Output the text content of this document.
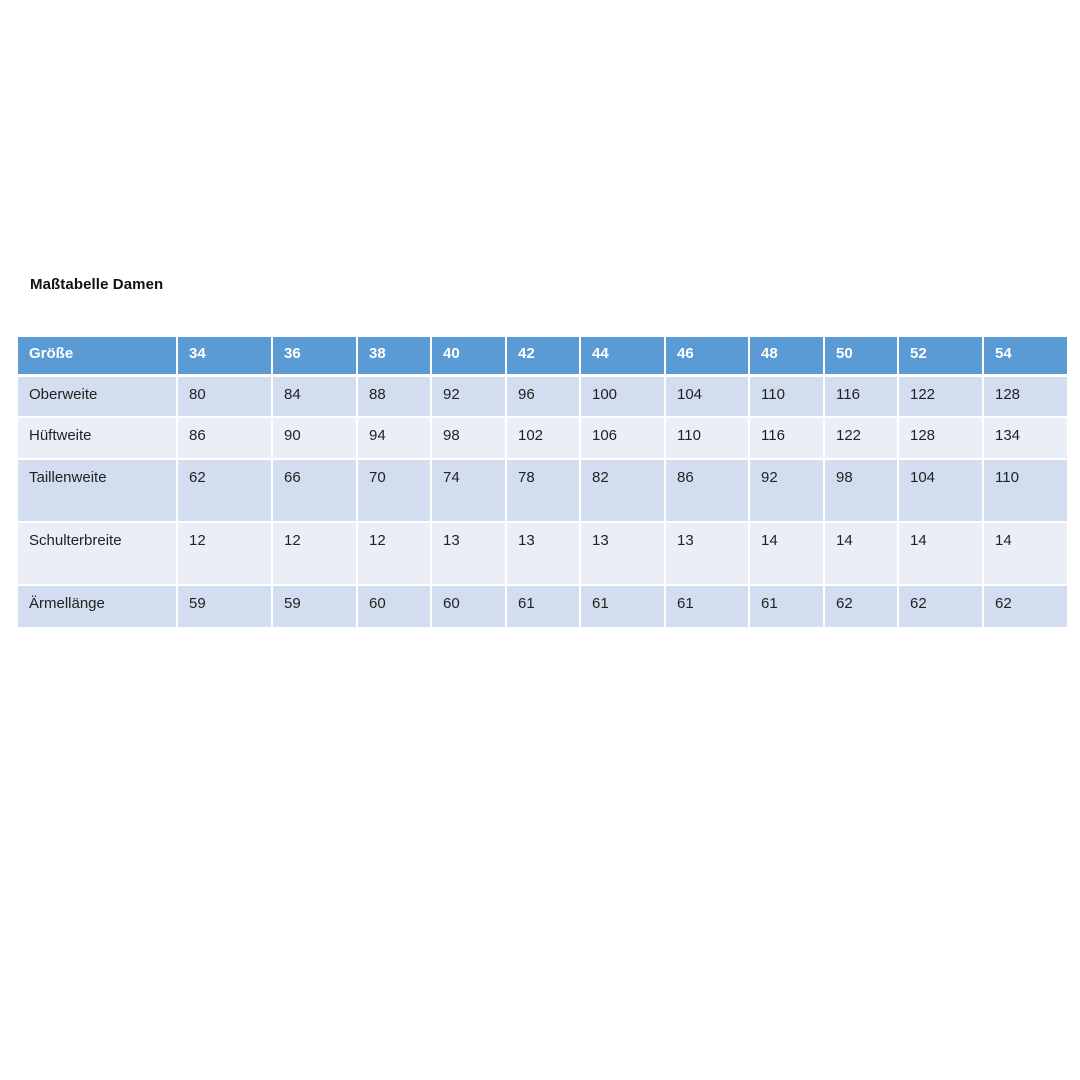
Maßtabelle Damen
Größe	34	36	38	40	42	44	46	48	50	52	54
Oberweite	80	84	88	92	96	100	104	110	116	122	128
Hüftweite	86	90	94	98	102	106	110	116	122	128	134
Taillenweite	62	66	70	74	78	82	86	92	98	104	110
Schulterbreite	12	12	12	13	13	13	13	14	14	14	14
Ärmellänge	59	59	60	60	61	61	61	61	62	62	62
